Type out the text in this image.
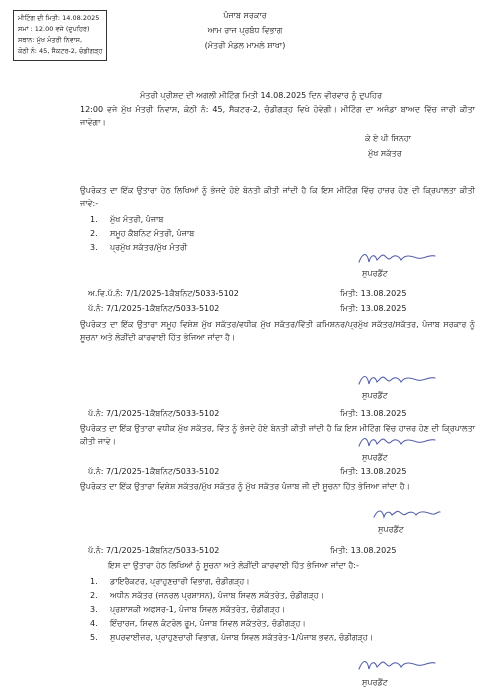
ਮੀਟਿੰਗ ਦੀ ਮਿਤੀ: 14.08.2025
ਸਮਾਂ : 12.00 ਵਜੇ (ਦੁਪਹਿਰ)
ਸਥਾਨ: ਮੁੱਖ ਮੰਤਰੀ ਨਿਵਾਸ,
ਕੋਠੀ ਨੰ: 45, ਸੈਕਟਰ-2, ਚੰਡੀਗੜ੍ਹ
ਪੰਜਾਬ ਸਰਕਾਰ
ਆਮ ਰਾਜ ਪ੍ਰਬੰਧ ਵਿਭਾਗ
(ਮੰਤਰੀ ਮੰਡਲ ਮਾਮਲੇ ਸ਼ਾਖਾ)
ਮੰਤਰੀ ਪ੍ਰੀਸ਼ਦ ਦੀ ਅਗਲੀ ਮੀਟਿੰਗ ਮਿਤੀ 14.08.2025 ਦਿਨ ਵੀਰਵਾਰ ਨੂੰ ਦੁਪਹਿਰ
12:00 ਵਜੇ ਮੁੱਖ ਮੰਤਰੀ ਨਿਵਾਸ, ਕੋਠੀ ਨੰ: 45, ਸੈਕਟਰ-2, ਚੰਡੀਗੜ੍ਹ ਵਿਖੇ ਹੋਵੇਗੀ। ਮੀਟਿੰਗ ਦਾ ਅਜੰਡਾ ਬਾਅਦ ਵਿੱਚ ਜਾਰੀ ਕੀਤਾ ਜਾਵੇਗਾ।
ਕੇ ਏ ਪੀ ਸਿਨਹਾ
ਮੁੱਖ ਸਕੱਤਰ
ਉਪਰੋਕਤ ਦਾ ਇੱਕ ਉਤਾਰਾ ਹੇਠ ਲਿਖਿਆਂ ਨੂੰ ਭੇਜਦੇ ਹੋਏ ਬੇਨਤੀ ਕੀਤੀ ਜਾਂਦੀ ਹੈ ਕਿ ਇਸ ਮੀਟਿੰਗ ਵਿੱਚ ਹਾਜ਼ਰ ਹੋਣ ਦੀ ਕ੍ਰਿਪਾਲਤਾ ਕੀਤੀ ਜਾਵੇ:-
1. ਮੁੱਖ ਮੰਤਰੀ, ਪੰਜਾਬ
2. ਸਮੂਹ ਕੈਬਨਿਟ ਮੰਤਰੀ, ਪੰਜਾਬ
3. ਪ੍ਰਮੁੱਖ ਸਕੱਤਰ/ਮੁੱਖ ਮੰਤਰੀ
ਸੁਪਰਡੈਂਟ
ਅ.ਵਿ.ਪੱ.ਨੰ: 7/1/2025-1ਕੈਬਨਿਟ/5033-5102	ਮਿਤੀ: 13.08.2025
ਪੱ.ਨੰ: 7/1/2025-1ਕੈਬਨਿਟ/5033-5102	ਮਿਤੀ: 13.08.2025
ਉਪਰੋਕਤ ਦਾ ਇੱਕ ਉਤਾਰਾ ਸਮੂਹ ਵਿਸ਼ੇਸ਼ ਮੁੱਖ ਸਕੱਤਰ/ਵਧੀਕ ਮੁੱਖ ਸਕੱਤਰ/ਵਿੱਤੀ ਕਮਿਸ਼ਨਰ/ਪ੍ਰਮੁੱਖ ਸਕੱਤਰ/ਸਕੱਤਰ, ਪੰਜਾਬ ਸਰਕਾਰ ਨੂੰ ਸੂਚਨਾ ਅਤੇ ਲੋੜੀਂਦੀ ਕਾਰਵਾਈ ਹਿੱਤ ਭੇਜਿਆ ਜਾਂਦਾ ਹੈ।
ਸੁਪਰਡੈਂਟ
ਪੱ.ਨੰ: 7/1/2025-1ਕੈਬਨਿਟ/5033-5102	ਮਿਤੀ: 13.08.2025
ਉਪਰੋਕਤ ਦਾ ਇੱਕ ਉਤਾਰਾ ਵਧੀਕ ਮੁੱਖ ਸਕੱਤਰ, ਵਿੱਤ ਨੂੰ ਭੇਜਦੇ ਹੋਏ ਬੇਨਤੀ ਕੀਤੀ ਜਾਂਦੀ ਹੈ ਕਿ ਇਸ ਮੀਟਿੰਗ ਵਿੱਚ ਹਾਜ਼ਰ ਹੋਣ ਦੀ ਕ੍ਰਿਪਾਲਤਾ ਕੀਤੀ ਜਾਵੇ।
ਸੁਪਰਡੈਂਟ
ਪੱ.ਨੰ: 7/1/2025-1ਕੈਬਨਿਟ/5033-5102	ਮਿਤੀ: 13.08.2025
ਉਪਰੋਕਤ ਦਾ ਇੱਕ ਉਤਾਰਾ ਵਿਸ਼ੇਸ਼ ਸਕੱਤਰ/ਮੁੱਖ ਸਕੱਤਰ ਨੂੰ ਮੁੱਖ ਸਕੱਤਰ ਪੰਜਾਬ ਜੀ ਦੀ ਸੂਚਨਾ ਹਿੱਤ ਭੇਜਿਆ ਜਾਂਦਾ ਹੈ।
ਸੁਪਰਡੈਂਟ
ਪੱ.ਨੰ: 7/1/2025-1ਕੈਬਨਿਟ/5033-5102	ਮਿਤੀ: 13.08.2025
ਇਸ ਦਾ ਉਤਾਰਾ ਹੇਠ ਲਿਖਿਆਂ ਨੂੰ ਸੂਚਨਾ ਅਤੇ ਲੋੜੀਂਦੀ ਕਾਰਵਾਈ ਹਿੱਤ ਭੇਜਿਆ ਜਾਂਦਾ ਹੈ:-
1. ਡਾਇਰੈਕਟਰ, ਪ੍ਰਾਹੁਣਚਾਰੀ ਵਿਭਾਗ, ਚੰਡੀਗੜ੍ਹ।
2. ਅਧੀਨ ਸਕੱਤਰ (ਜਨਰਲ ਪ੍ਰਸ਼ਾਸਨ), ਪੰਜਾਬ ਸਿਵਲ ਸਕੱਤਰੇਤ, ਚੰਡੀਗੜ੍ਹ।
3. ਪ੍ਰਸ਼ਾਸਕੀ ਅਫਸਰ-1, ਪੰਜਾਬ ਸਿਵਲ ਸਕੱਤਰੇਤ, ਚੰਡੀਗੜ੍ਹ।
4. ਇੰਚਾਰਜ, ਸਿਵਲ ਕੰਟਰੋਲ ਰੂਮ, ਪੰਜਾਬ ਸਿਵਲ ਸਕੱਤਰੇਤ, ਚੰਡੀਗੜ੍ਹ।
5. ਸੁਪਰਵਾਈਜ਼ਰ, ਪ੍ਰਾਹੁਣਚਾਰੀ ਵਿਭਾਗ, ਪੰਜਾਬ ਸਿਵਲ ਸਕੱਤਰੇਤ-1/ਪੰਜਾਬ ਭਵਨ, ਚੰਡੀਗੜ੍ਹ।
ਸੁਪਰਡੈਂਟ
